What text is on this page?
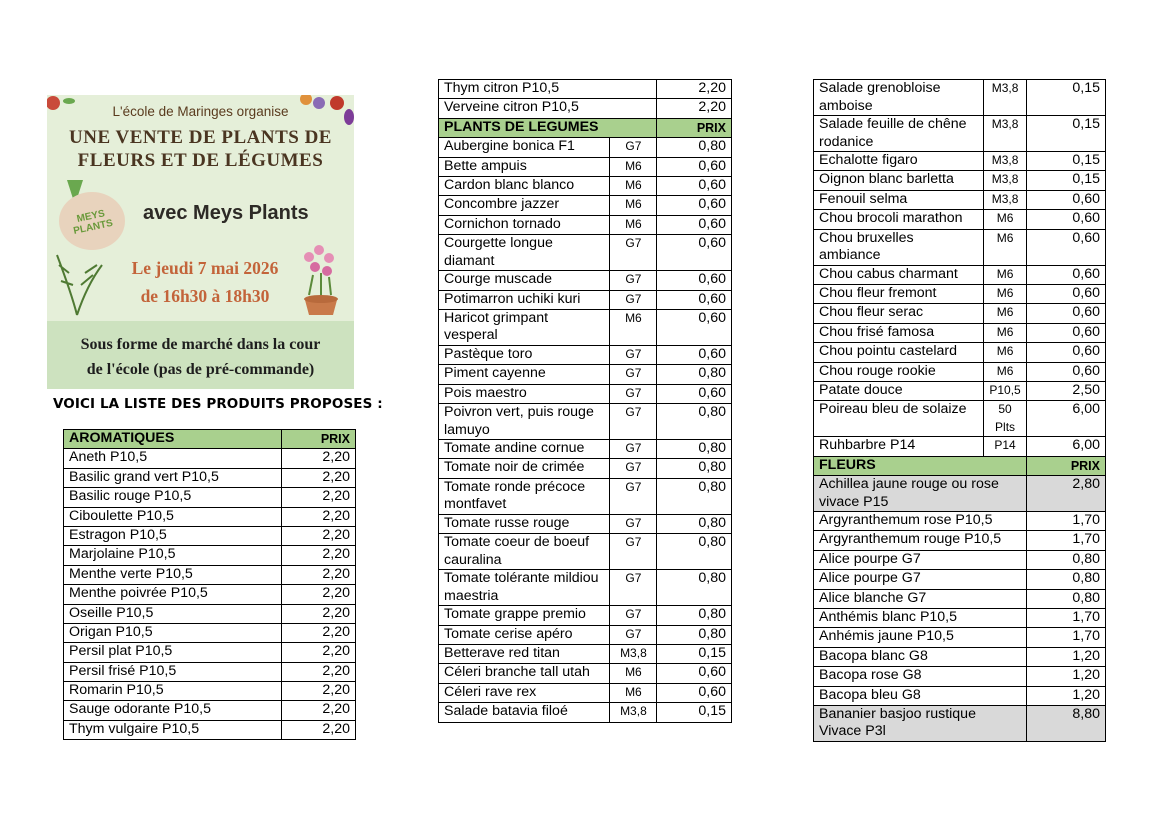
L'école de Maringes organise
UNE VENTE DE PLANTS DE
FLEURS ET DE LÉGUMES
MEYS PLANTS
avec Meys Plants
Le jeudi 7 mai 2026
de 16h30 à 18h30
Sous forme de marché dans la cour
de l'école (pas de pré-commande)
VOICI LA LISTE DES PRODUITS PROPOSES :
AROMATIQUES	PRIX
Aneth P10,5	2,20
Basilic grand vert P10,5	2,20
Basilic rouge P10,5	2,20
Ciboulette P10,5	2,20
Estragon P10,5	2,20
Marjolaine P10,5	2,20
Menthe verte P10,5	2,20
Menthe poivrée P10,5	2,20
Oseille P10,5	2,20
Origan P10,5	2,20
Persil plat P10,5	2,20
Persil frisé P10,5	2,20
Romarin P10,5	2,20
Sauge odorante P10,5	2,20
Thym vulgaire P10,5	2,20
Thym citron P10,5		2,20
Verveine citron P10,5		2,20
PLANTS DE LEGUMES		PRIX
Aubergine bonica F1	G7	0,80
Bette ampuis	M6	0,60
Cardon blanc blanco	M6	0,60
Concombre jazzer	M6	0,60
Cornichon tornado	M6	0,60
Courgette longue diamant	G7	0,60
Courge muscade	G7	0,60
Potimarron uchiki kuri	G7	0,60
Haricot grimpant vesperal	M6	0,60
Pastèque toro	G7	0,60
Piment cayenne	G7	0,80
Pois maestro	G7	0,60
Poivron vert, puis rouge lamuyo	G7	0,80
Tomate andine cornue	G7	0,80
Tomate noir de crimée	G7	0,80
Tomate ronde précoce montfavet	G7	0,80
Tomate russe rouge	G7	0,80
Tomate coeur de boeuf cauralina	G7	0,80
Tomate tolérante mildiou maestria	G7	0,80
Tomate grappe premio	G7	0,80
Tomate cerise apéro	G7	0,80
Betterave red titan	M3,8	0,15
Céleri branche tall utah	M6	0,60
Céleri rave rex	M6	0,60
Salade batavia filoé	M3,8	0,15
Salade grenobloise amboise	M3,8	0,15
Salade feuille de chêne rodanice	M3,8	0,15
Echalotte figaro	M3,8	0,15
Oignon blanc barletta	M3,8	0,15
Fenouil selma	M3,8	0,60
Chou brocoli marathon	M6	0,60
Chou bruxelles ambiance	M6	0,60
Chou cabus charmant	M6	0,60
Chou fleur fremont	M6	0,60
Chou fleur serac	M6	0,60
Chou frisé famosa	M6	0,60
Chou pointu castelard	M6	0,60
Chou rouge rookie	M6	0,60
Patate douce	P10,5	2,50
Poireau bleu de solaize	50 Plts	6,00
Ruhbarbre P14	P14	6,00
FLEURS		PRIX
Achillea jaune rouge ou rose vivace P15		2,80
Argyranthemum rose P10,5		1,70
Argyranthemum rouge P10,5		1,70
Alice pourpe G7		0,80
Alice pourpe G7		0,80
Alice blanche G7		0,80
Anthémis blanc P10,5		1,70
Anhémis jaune P10,5		1,70
Bacopa blanc G8		1,20
Bacopa rose G8		1,20
Bacopa bleu G8		1,20
Bananier basjoo rustique Vivace P3l		8,80
